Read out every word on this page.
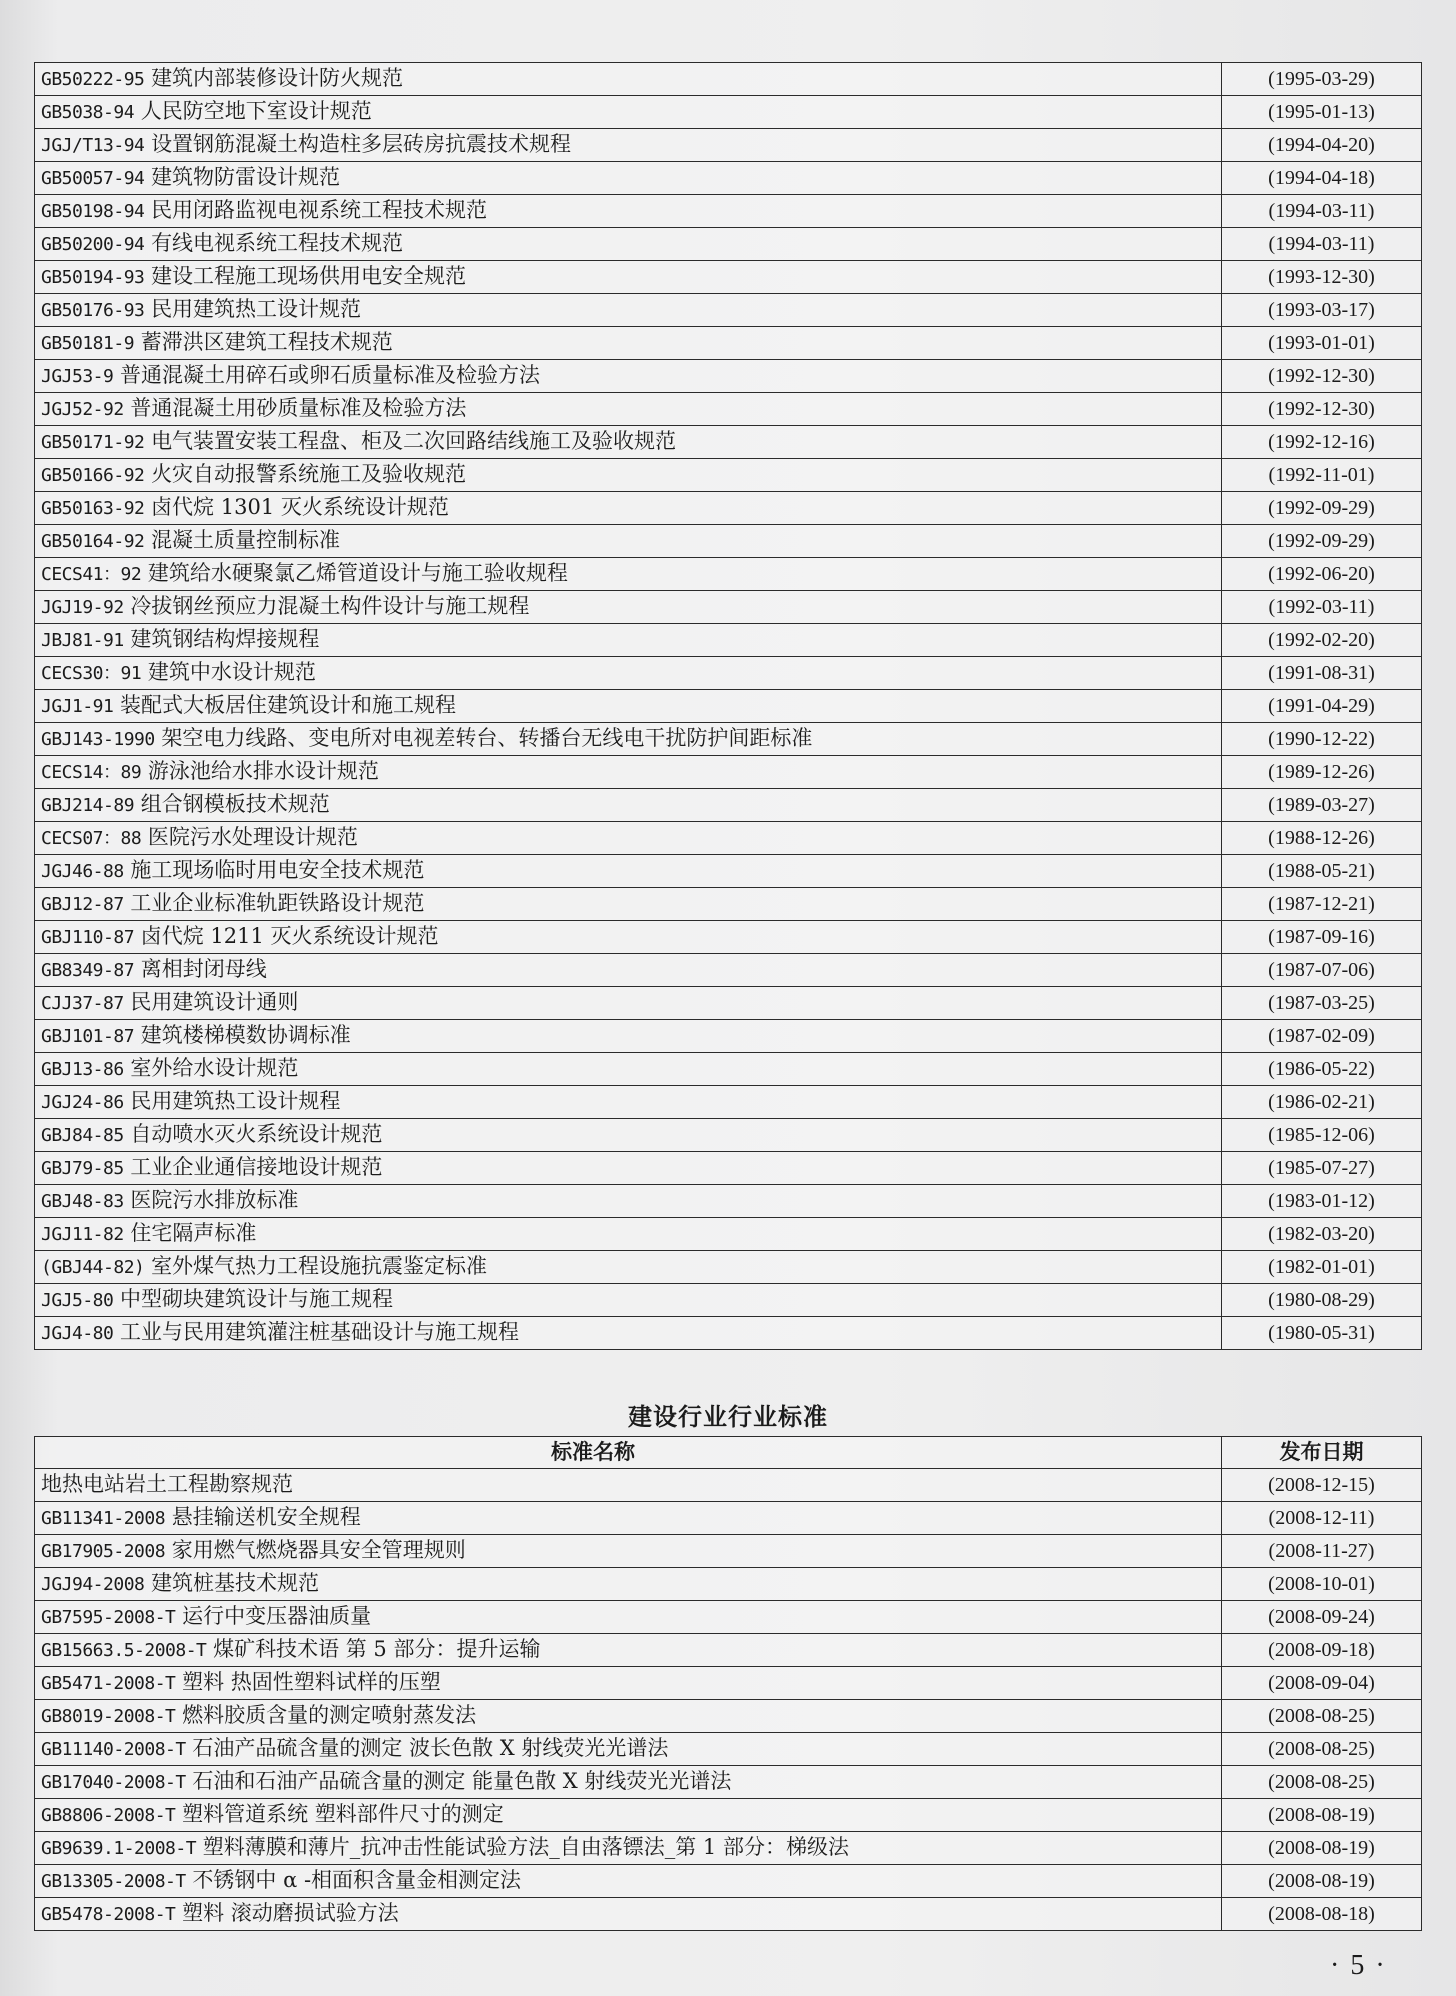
GB50222-95 建筑内部装修设计防火规范	(1995-03-29)
GB5038-94 人民防空地下室设计规范	(1995-01-13)
JGJ/T13-94 设置钢筋混凝土构造柱多层砖房抗震技术规程	(1994-04-20)
GB50057-94 建筑物防雷设计规范	(1994-04-18)
GB50198-94 民用闭路监视电视系统工程技术规范	(1994-03-11)
GB50200-94 有线电视系统工程技术规范	(1994-03-11)
GB50194-93 建设工程施工现场供用电安全规范	(1993-12-30)
GB50176-93 民用建筑热工设计规范	(1993-03-17)
GB50181-9 蓄滞洪区建筑工程技术规范	(1993-01-01)
JGJ53-9 普通混凝土用碎石或卵石质量标准及检验方法	(1992-12-30)
JGJ52-92 普通混凝土用砂质量标准及检验方法	(1992-12-30)
GB50171-92 电气装置安装工程盘、柜及二次回路结线施工及验收规范	(1992-12-16)
GB50166-92 火灾自动报警系统施工及验收规范	(1992-11-01)
GB50163-92 卤代烷 1301 灭火系统设计规范	(1992-09-29)
GB50164-92 混凝土质量控制标准	(1992-09-29)
CECS41：92 建筑给水硬聚氯乙烯管道设计与施工验收规程	(1992-06-20)
JGJ19-92 冷拔钢丝预应力混凝土构件设计与施工规程	(1992-03-11)
JBJ81-91 建筑钢结构焊接规程	(1992-02-20)
CECS30：91 建筑中水设计规范	(1991-08-31)
JGJ1-91 装配式大板居住建筑设计和施工规程	(1991-04-29)
GBJ143-1990 架空电力线路、变电所对电视差转台、转播台无线电干扰防护间距标准	(1990-12-22)
CECS14：89 游泳池给水排水设计规范	(1989-12-26)
GBJ214-89 组合钢模板技术规范	(1989-03-27)
CECS07：88 医院污水处理设计规范	(1988-12-26)
JGJ46-88 施工现场临时用电安全技术规范	(1988-05-21)
GBJ12-87 工业企业标准轨距铁路设计规范	(1987-12-21)
GBJ110-87 卤代烷 1211 灭火系统设计规范	(1987-09-16)
GB8349-87 离相封闭母线	(1987-07-06)
CJJ37-87 民用建筑设计通则	(1987-03-25)
GBJ101-87 建筑楼梯模数协调标准	(1987-02-09)
GBJ13-86 室外给水设计规范	(1986-05-22)
JGJ24-86 民用建筑热工设计规程	(1986-02-21)
GBJ84-85 自动喷水灭火系统设计规范	(1985-12-06)
GBJ79-85 工业企业通信接地设计规范	(1985-07-27)
GBJ48-83 医院污水排放标准	(1983-01-12)
JGJ11-82 住宅隔声标准	(1982-03-20)
(GBJ44-82) 室外煤气热力工程设施抗震鉴定标准	(1982-01-01)
JGJ5-80 中型砌块建筑设计与施工规程	(1980-08-29)
JGJ4-80 工业与民用建筑灌注桩基础设计与施工规程	(1980-05-31)
建设行业行业标准
标准名称	发布日期
地热电站岩土工程勘察规范	(2008-12-15)
GB11341-2008 悬挂输送机安全规程	(2008-12-11)
GB17905-2008 家用燃气燃烧器具安全管理规则	(2008-11-27)
JGJ94-2008 建筑桩基技术规范	(2008-10-01)
GB7595-2008-T 运行中变压器油质量	(2008-09-24)
GB15663.5-2008-T 煤矿科技术语 第 5 部分：提升运输	(2008-09-18)
GB5471-2008-T 塑料 热固性塑料试样的压塑	(2008-09-04)
GB8019-2008-T 燃料胶质含量的测定喷射蒸发法	(2008-08-25)
GB11140-2008-T 石油产品硫含量的测定 波长色散 X 射线荧光光谱法	(2008-08-25)
GB17040-2008-T 石油和石油产品硫含量的测定 能量色散 X 射线荧光光谱法	(2008-08-25)
GB8806-2008-T 塑料管道系统 塑料部件尺寸的测定	(2008-08-19)
GB9639.1-2008-T 塑料薄膜和薄片_抗冲击性能试验方法_自由落镖法_第 1 部分：梯级法	(2008-08-19)
GB13305-2008-T 不锈钢中 α -相面积含量金相测定法	(2008-08-19)
GB5478-2008-T 塑料 滚动磨损试验方法	(2008-08-18)
· 5 ·
